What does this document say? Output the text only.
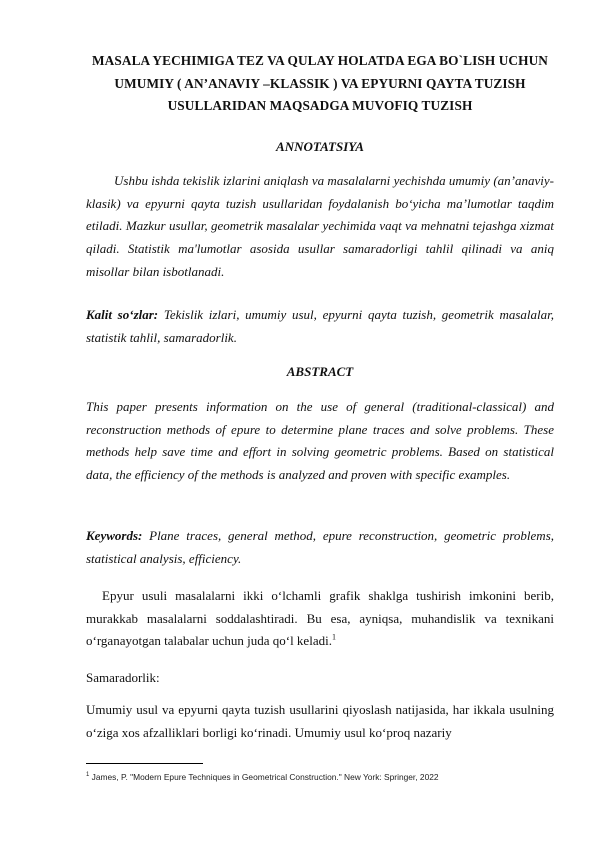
MASALA YECHIMIGA TEZ VA QULAY HOLATDA EGA BO`LISH UCHUN UMUMIY ( AN’ANAVIY –KLASSIK ) VA EPYURNI QAYTA TUZISH USULLARIDAN MAQSADGA MUVOFIQ TUZISH
ANNOTATSIYA
Ushbu ishda tekislik izlarini aniqlash va masalalarni yechishda umumiy (an’anaviy-klasik) va epyurni qayta tuzish usullaridan foydalanish bo‘yicha ma’lumotlar taqdim etiladi. Mazkur usullar, geometrik masalalar yechimida vaqt va mehnatni tejashga xizmat qiladi. Statistik ma'lumotlar asosida usullar samaradorligi tahlil qilinadi va aniq misollar bilan isbotlanadi.
Kalit so‘zlar: Tekislik izlari, umumiy usul, epyurni qayta tuzish, geometrik masalalar, statistik tahlil, samaradorlik.
ABSTRACT
This paper presents information on the use of general (traditional-classical) and reconstruction methods of epure to determine plane traces and solve problems. These methods help save time and effort in solving geometric problems. Based on statistical data, the efficiency of the methods is analyzed and proven with specific examples.
Keywords: Plane traces, general method, epure reconstruction, geometric problems, statistical analysis, efficiency.
Epyur usuli masalalarni ikki o‘lchamli grafik shaklga tushirish imkonini berib, murakkab masalalarni soddalashtiradi. Bu esa, ayniqsa, muhandislik va texnikani o‘rganayotgan talabalar uchun juda qo‘l keladi.$^1$
Samaradorlik:
Umumiy usul va epyurni qayta tuzish usullarini qiyoslash natijasida, har ikkala usulning o‘ziga xos afzalliklari borligi ko‘rinadi. Umumiy usul ko‘proq nazariy
$^1$ James, P. "Modern Epure Techniques in Geometrical Construction." New York: Springer, 2022
